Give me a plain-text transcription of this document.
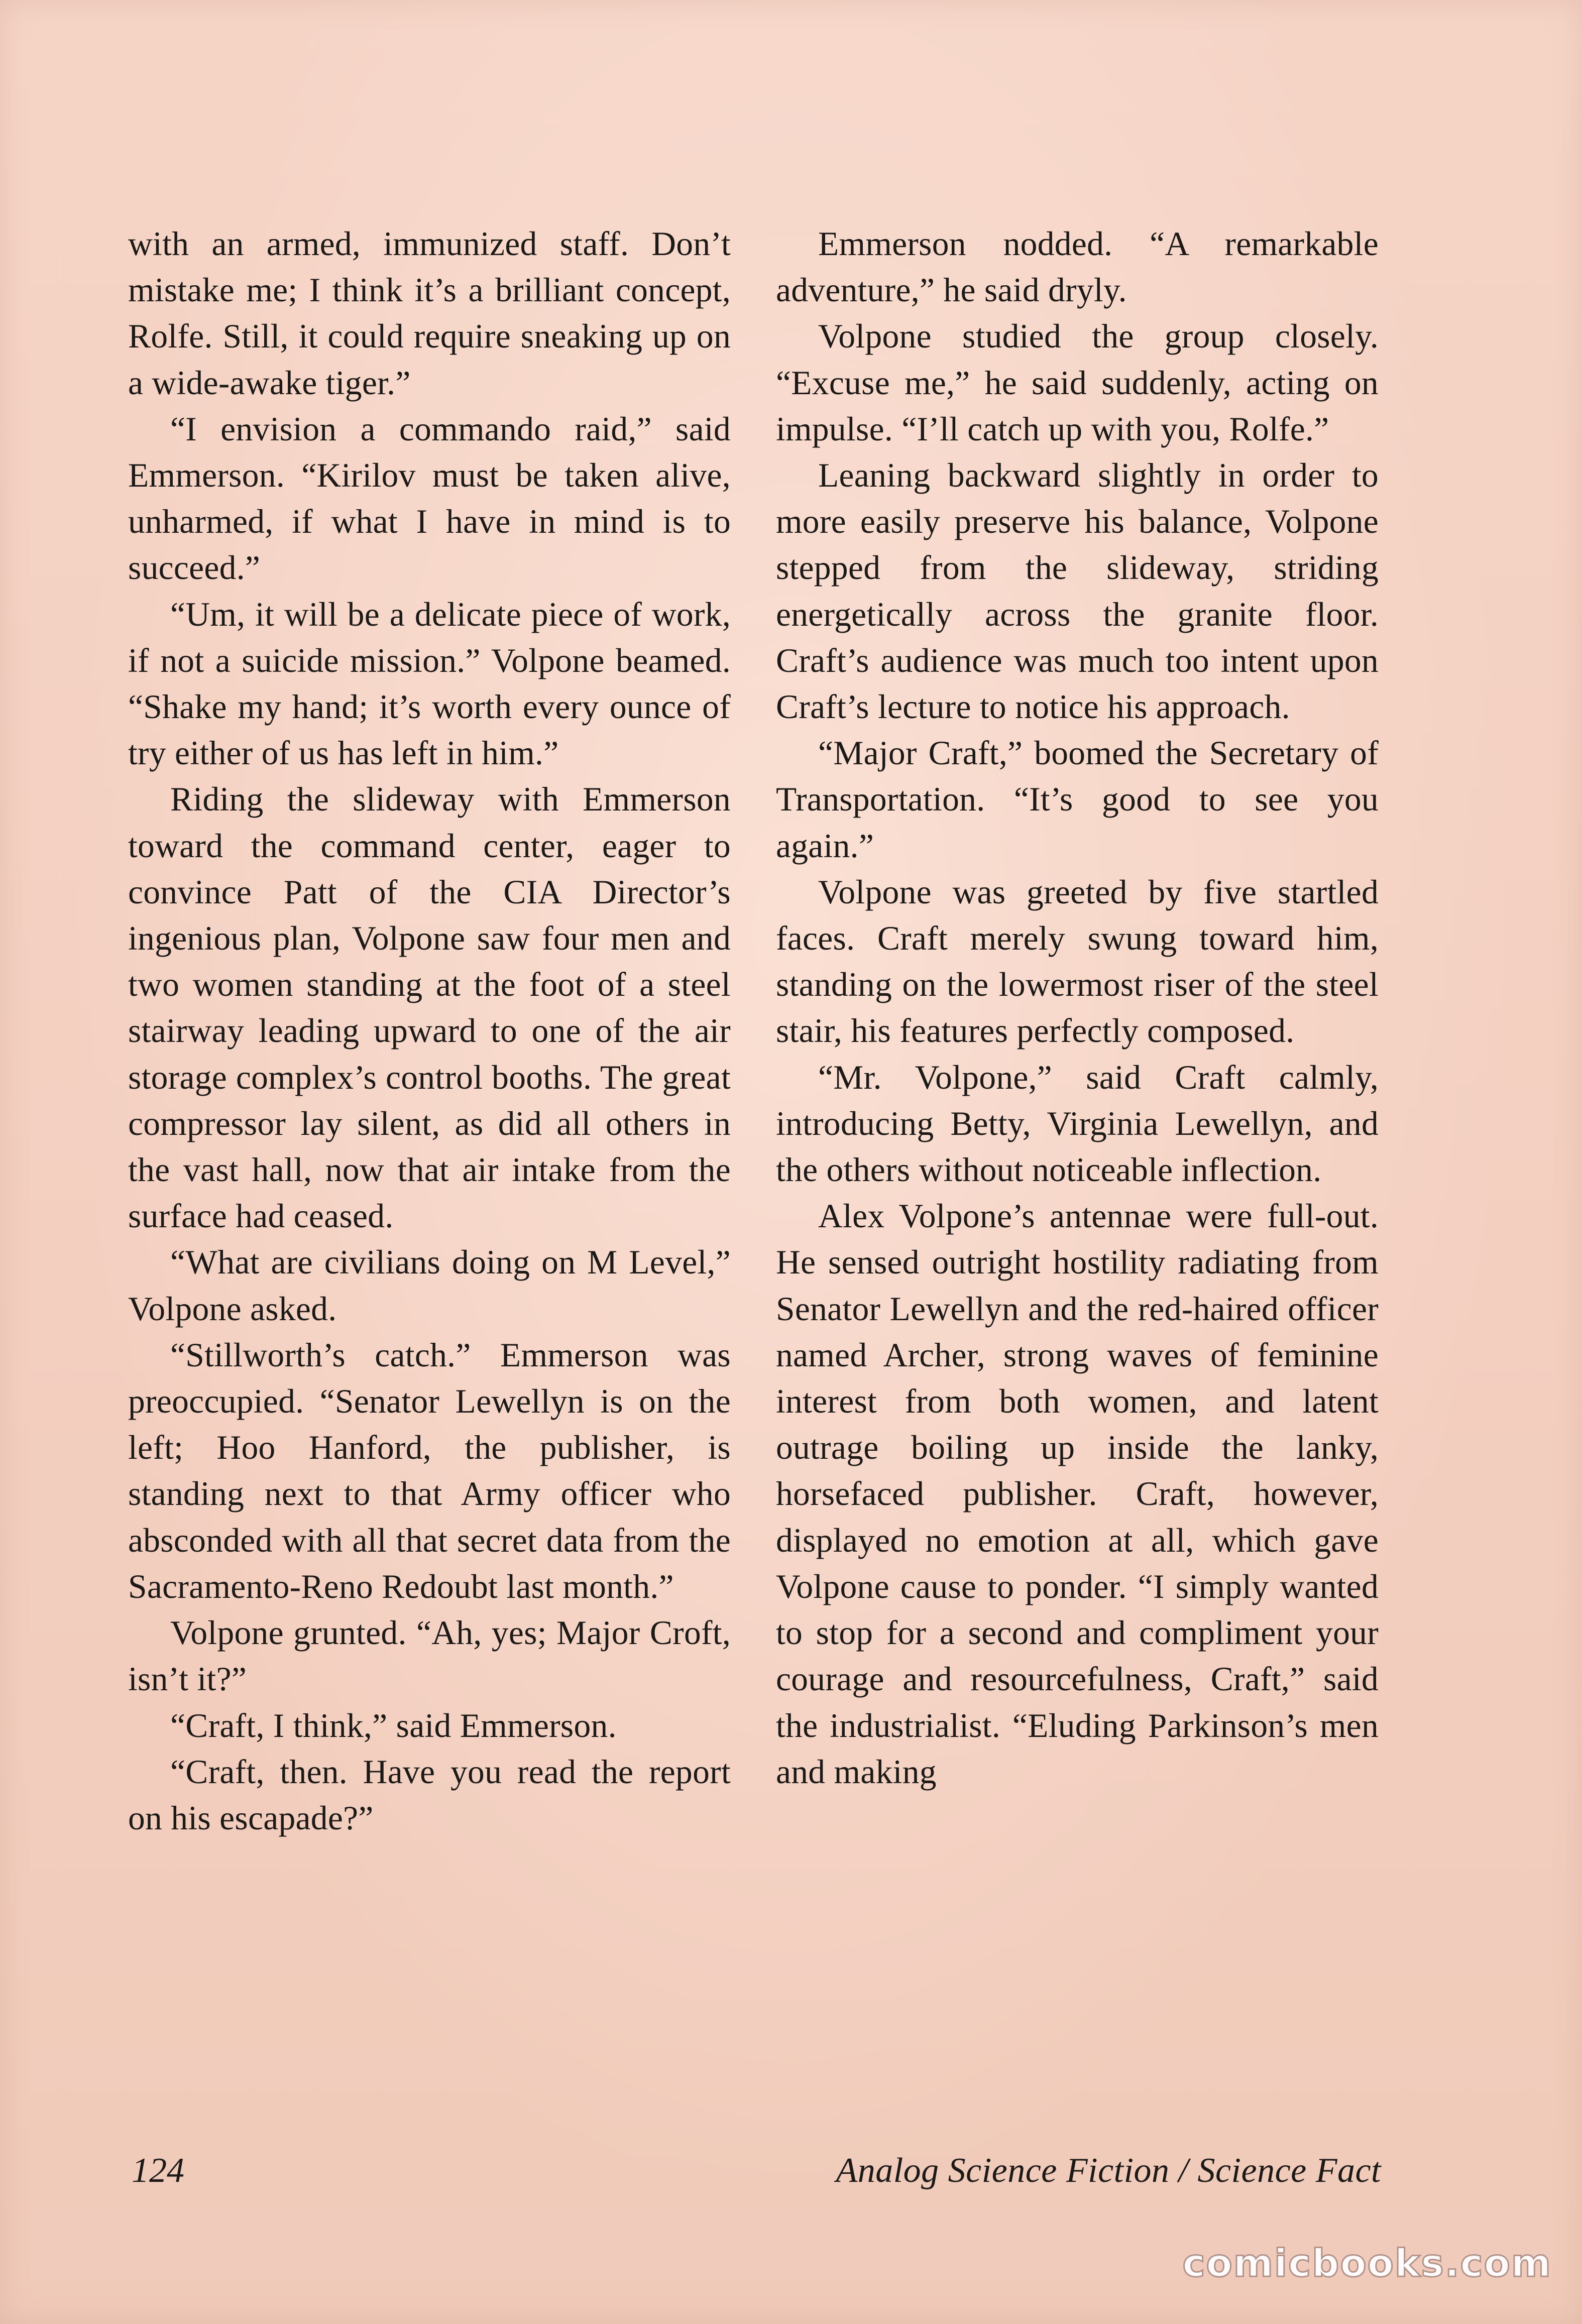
with an armed, immunized staff. Don’t mistake me; I think it’s a brilliant concept, Rolfe. Still, it could require sneaking up on a wide-awake tiger.”

“I envision a commando raid,” said Emmerson. “Kirilov must be taken alive, unharmed, if what I have in mind is to succeed.”

“Um, it will be a delicate piece of work, if not a suicide mission.” Volpone beamed. “Shake my hand; it’s worth every ounce of try either of us has left in him.”

Riding the slideway with Emmerson toward the command center, eager to convince Patt of the CIA Director’s ingenious plan, Volpone saw four men and two women standing at the foot of a steel stairway leading upward to one of the air storage complex’s control booths. The great compressor lay silent, as did all others in the vast hall, now that air intake from the surface had ceased.

“What are civilians doing on M Level,” Volpone asked.

“Stillworth’s catch.” Emmerson was preoccupied. “Senator Lewellyn is on the left; Hoo Hanford, the publisher, is standing next to that Army officer who absconded with all that secret data from the Sacramento-Reno Redoubt last month.”

Volpone grunted. “Ah, yes; Major Croft, isn’t it?”

“Craft, I think,” said Emmerson.

“Craft, then. Have you read the report on his escapade?”

Emmerson nodded. “A remarkable adventure,” he said dryly.

Volpone studied the group closely. “Excuse me,” he said suddenly, acting on impulse. “I’ll catch up with you, Rolfe.”

Leaning backward slightly in order to more easily preserve his balance, Volpone stepped from the slideway, striding energetically across the granite floor. Craft’s audience was much too intent upon Craft’s lecture to notice his approach.

“Major Craft,” boomed the Secretary of Transportation. “It’s good to see you again.”

Volpone was greeted by five startled faces. Craft merely swung toward him, standing on the lowermost riser of the steel stair, his features perfectly composed.

“Mr. Volpone,” said Craft calmly, introducing Betty, Virginia Lewellyn, and the others without noticeable inflection.

Alex Volpone’s antennae were full-out. He sensed outright hostility radiating from Senator Lewellyn and the red-haired officer named Archer, strong waves of feminine interest from both women, and latent outrage boiling up inside the lanky, horsefaced publisher. Craft, however, displayed no emotion at all, which gave Volpone cause to ponder. “I simply wanted to stop for a second and compliment your courage and resourcefulness, Craft,” said the industrialist. “Eluding Parkinson’s men and making

124	Analog Science Fiction / Science Fact
comicbooks.com
